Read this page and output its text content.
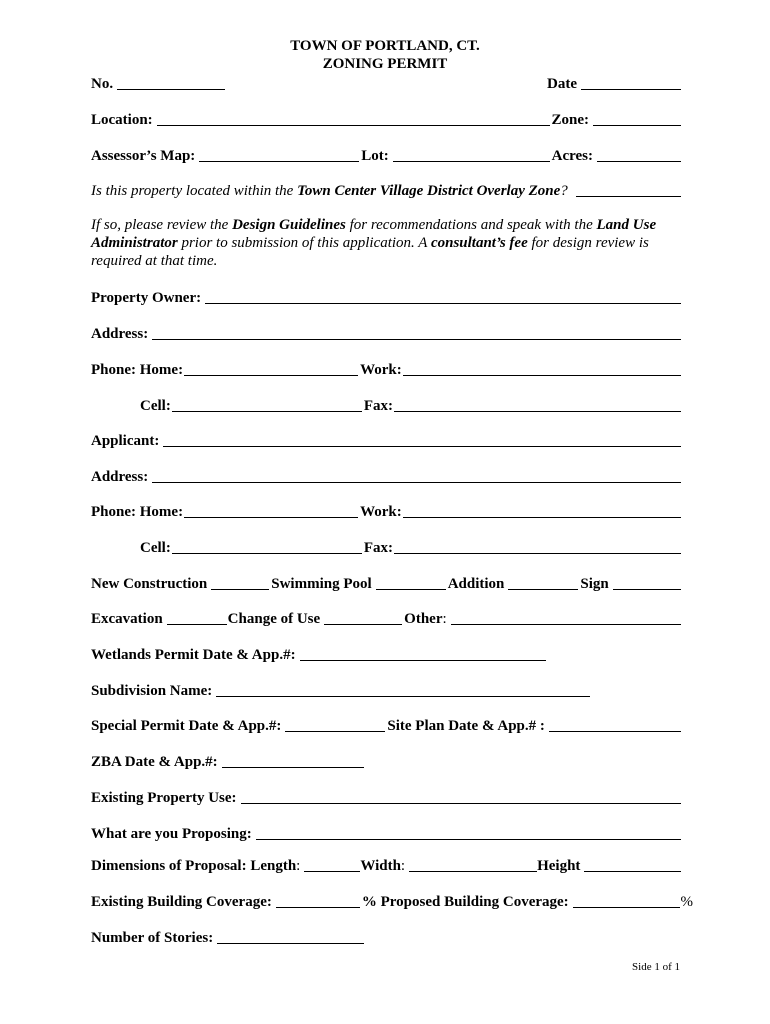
TOWN OF PORTLAND, CT.
ZONING PERMIT
No.	Date
Location:	Zone:
Assessor’s Map:	Lot:	Acres:
Is this property located within the Town Center Village District Overlay Zone ?
If so, please review the Design Guidelines for recommendations and speak with the Land Use Administrator prior to submission of this application. A consultant’s fee for design review is required at that time.
Property Owner:
Address:
Phone: Home:	Work:
Cell:	Fax:
Applicant:
Address:
Phone: Home:	Work:
Cell:	Fax:
New Construction	Swimming Pool	Addition	Sign
Excavation	Change of Use	Other :
Wetlands Permit Date & App.#:
Subdivision Name:
Special Permit Date & App.#:	Site Plan Date & App.# :
ZBA Date & App.#:
Existing Property Use:
What are you Proposing:
Dimensions of Proposal: Length :	Width :	Height
Existing Building Coverage:	% Proposed Building Coverage:	%
Number of Stories:
Side 1 of 1
